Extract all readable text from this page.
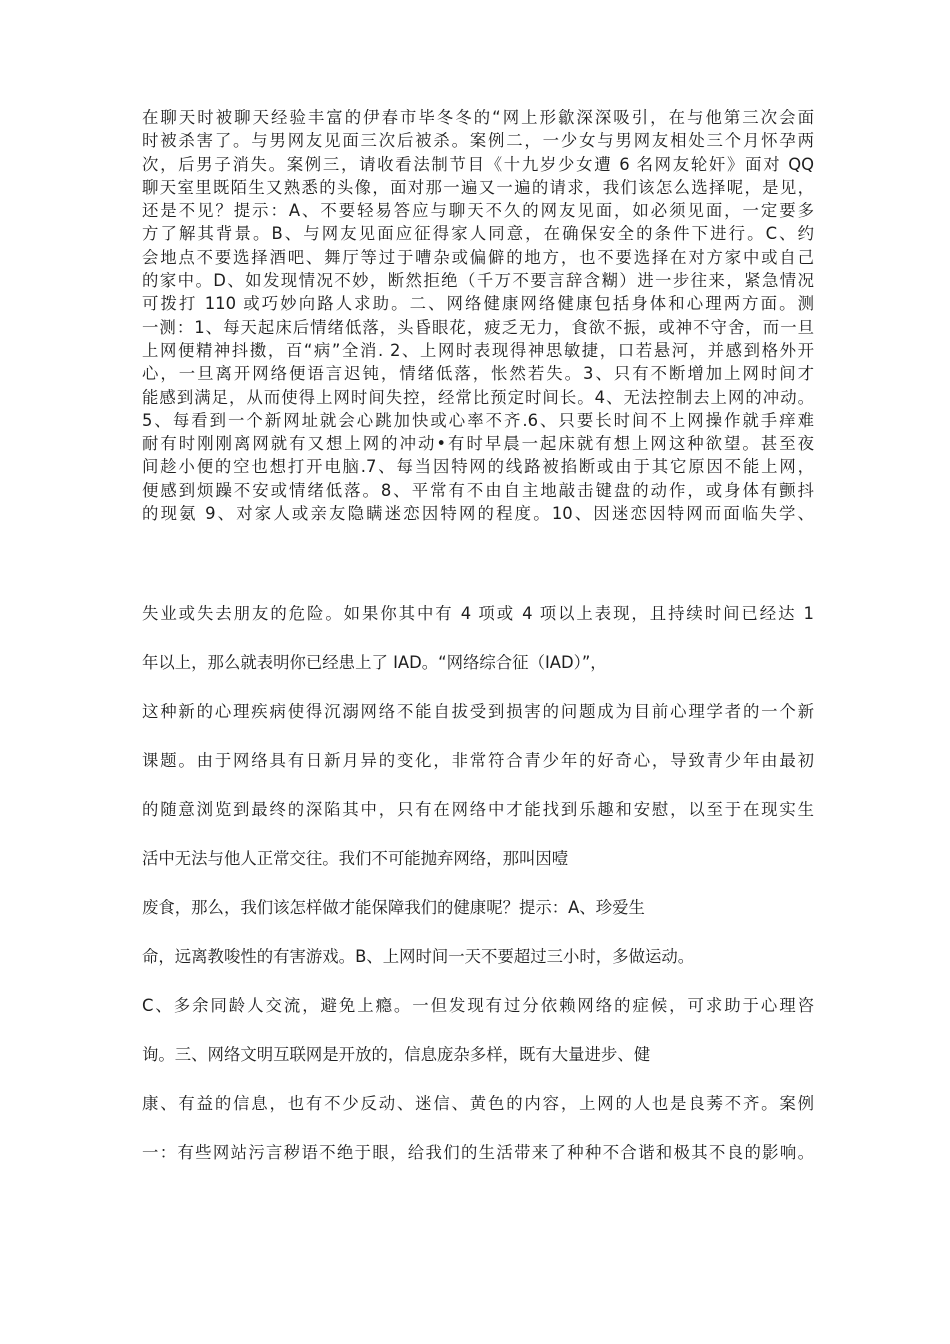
在聊天时被聊天经验丰富的伊春市毕冬冬的“网上形歙深深吸引，在与他第三次会面
时被杀害了。与男网友见面三次后被杀。案例二，一少女与男网友相处三个月怀孕两
次，后男子消失。案例三，请收看法制节目《十九岁少女遭 6 名网友轮奸》面对 QQ
聊天室里既陌生又熟悉的头像，面对那一遍又一遍的请求，我们该怎么选择呢，是见，
还是不见？提示：A、不要轻易答应与聊天不久的网友见面，如必须见面，一定要多
方了解其背景。B、与网友见面应征得家人同意，在确保安全的条件下进行。C、约
会地点不要选择酒吧、舞厅等过于嘈杂或偏僻的地方，也不要选择在对方家中或自己
的家中。D、如发现情况不妙，断然拒绝（千万不要言辞含糊）进一步往来，紧急情况
可拨打 110 或巧妙向路人求助。二、网络健康网络健康包括身体和心理两方面。测
一测：1、每天起床后情绪低落，头昏眼花，疲乏无力，食欲不振，或神不守舍，而一旦
上网便精神抖擞，百“病”全消. 2、上网时表现得神思敏捷，口若悬河，并感到格外开
心，一旦离开网络便语言迟钝，情绪低落，怅然若失。3、只有不断增加上网时间才
能感到满足，从而使得上网时间失控，经常比预定时间长。4、无法控制去上网的冲动。
5、每看到一个新网址就会心跳加快或心率不齐.6、只要长时间不上网操作就手痒难
耐有时刚刚离网就有又想上网的冲动•有时早晨一起床就有想上网这种欲望。甚至夜
间趁小便的空也想打开电脑.7、每当因特网的线路被掐断或由于其它原因不能上网，
便感到烦躁不安或情绪低落。8、平常有不由自主地敲击键盘的动作，或身体有颤抖
的现氨 9、对家人或亲友隐瞒迷恋因特网的程度。10、因迷恋因特网而面临失学、
失业或失去朋友的危险。如果你其中有 4 项或 4 项以上表现，且持续时间已经达 1
年以上，那么就表明你已经患上了 IAD。“网络综合征（IAD）”，
这种新的心理疾病使得沉溺网络不能自拔受到损害的问题成为目前心理学者的一个新
课题。由于网络具有日新月异的变化，非常符合青少年的好奇心，导致青少年由最初
的随意浏览到最终的深陷其中，只有在网络中才能找到乐趣和安慰，以至于在现实生
活中无法与他人正常交往。我们不可能抛弃网络，那叫因噎
废食，那么，我们该怎样做才能保障我们的健康呢？提示：A、珍爱生
命，远离教唆性的有害游戏。B、上网时间一天不要超过三小时，多做运动。
C、多余同龄人交流，避免上瘾。一但发现有过分依赖网络的症候，可求助于心理咨
询。三、网络文明互联网是开放的，信息庞杂多样，既有大量进步、健
康、有益的信息，也有不少反动、迷信、黄色的内容，上网的人也是良莠不齐。案例
一：有些网站污言秽语不绝于眼，给我们的生活带来了种种不合谐和极其不良的影响。
